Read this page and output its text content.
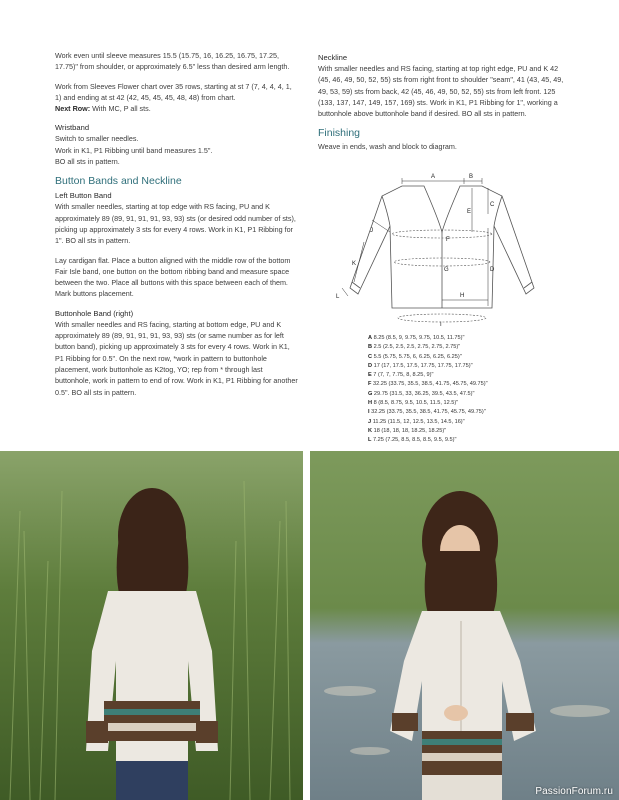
Work even until sleeve measures 15.5 (15.75, 16, 16.25, 16.75, 17.25, 17.75)" from shoulder, or approximately 6.5" less than desired arm length.

Work from Sleeves Flower chart over 35 rows, starting at st 7 (7, 4, 4, 4, 1, 1) and ending at st 42 (42, 45, 45, 45, 48, 48) from chart.

Next Row: With MC, P all sts.

Wristband

Switch to smaller needles.

Work in K1, P1 Ribbing until band measures 1.5".

BO all sts in pattern.

Button Bands and Neckline
Left Button Band

With smaller needles, starting at top edge with RS facing, PU and K approximately 89 (89, 91, 91, 91, 93, 93) sts (or desired odd number of sts), picking up approximately 3 sts for every 4 rows. Work in K1, P1 Ribbing for 1". BO all sts in pattern.

Lay cardigan flat. Place a button aligned with the middle row of the bottom Fair Isle band, one button on the bottom ribbing band and measure space between the two. Place all buttons with this space between each of them. Mark buttons placement.

Buttonhole Band (right)

With smaller needles and RS facing, starting at bottom edge, PU and K approximately 89 (89, 91, 91, 91, 93, 93) sts (or same number as for left button band), picking up approximately 3 sts for every 4 rows. Work in K1, P1 Ribbing for 0.5". On the next row, *work in pattern to buttonhole placement, work buttonhole as K2tog, YO; rep from * through last buttonhole, work in pattern to end of row. Work in K1, P1 Ribbing for another 0.5". BO all sts in pattern.

Neckline

With smaller needles and RS facing, starting at top right edge, PU and K 42 (45, 46, 49, 50, 52, 55) sts from right front to shoulder "seam", 41 (43, 45, 49, 49, 53, 59) sts from back, 42 (45, 46, 49, 50, 52, 55) sts from left front. 125 (133, 137, 147, 149, 157, 169) sts. Work in K1, P1 Ribbing for 1", working a buttonhole above buttonhole band if desired. BO all sts in pattern.

Finishing

Weave in ends, wash and block to diagram.

A	B
C
D
E
F
G
H
I
J
K
L
A 8.25 (8.5, 9, 9.75, 9.75, 10.5, 11.75)"
B 2.5 (2.5, 2.5, 2.5, 2.75, 2.75, 2.75)"
C 5.5 (5.75, 5.75, 6, 6.25, 6.25, 6.25)"
D 17 (17, 17.5, 17.5, 17.75, 17.75, 17.75)"
E 7 (7, 7, 7.75, 8, 8.25, 9)"
F 32.25 (33.75, 35.5, 38.5, 41.75, 45.75, 49.75)"
G 29.75 (31.5, 33, 36.25, 39.5, 43.5, 47.5)"
H 8 (8.5, 8.75, 9.5, 10.5, 11.5, 12.5)"
I 32.25 (33.75, 35.5, 38.5, 41.75, 45.75, 49.75)"
J 11.25 (11.5, 12, 12.5, 13.5, 14.5, 16)"
K 18 (18, 18, 18, 18.25, 18.25)"
L 7.25 (7.25, 8.5, 8.5, 8.5, 9.5, 9.5)"
PassionForum.ru
